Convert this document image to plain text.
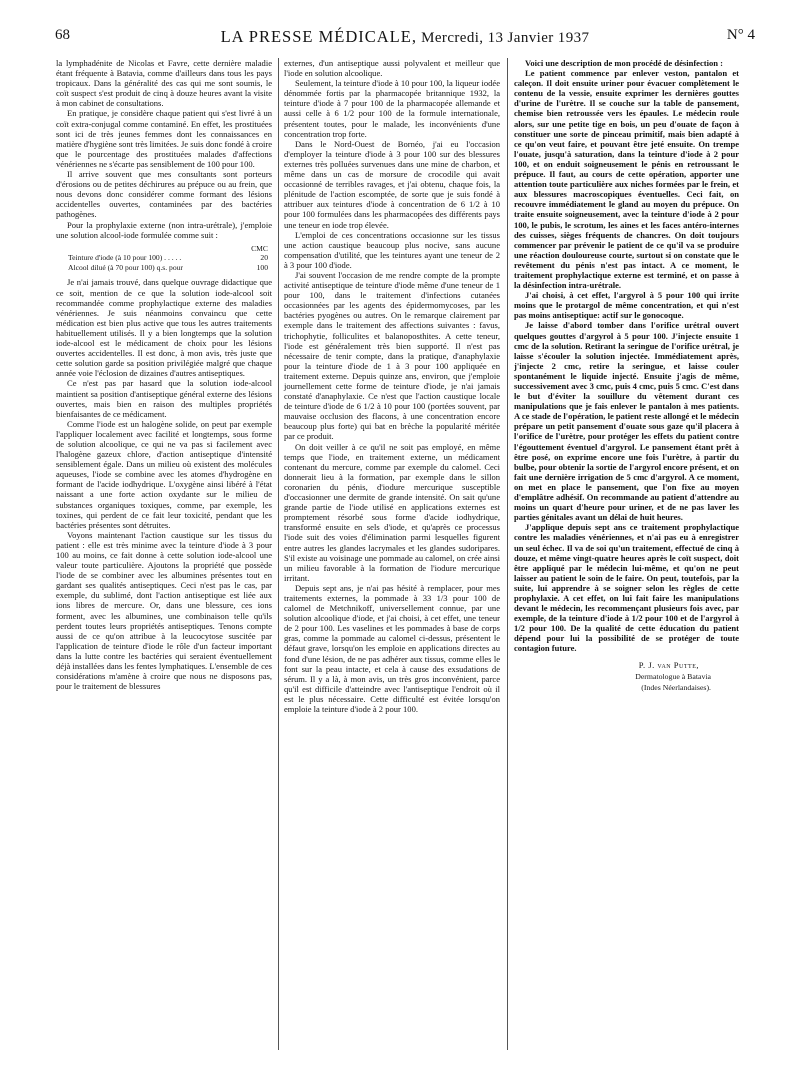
68	LA PRESSE MÉDICALE, Mercredi, 13 Janvier 1937	N° 4

la lymphadénite de Nicolas et Favre, cette dernière maladie étant fréquente à Batavia, comme d'ailleurs dans tous les pays tropicaux. Dans la généralité des cas qui me sont soumis, le coït suspect s'est produit de cinq à douze heures avant la visite à mon cabinet de consultations.

En pratique, je considère chaque patient qui s'est livré à un coït extra-conjugal comme contaminé. En effet, les prostituées sont ici de très jeunes femmes dont les connaissances en matière d'hygiène sont très limitées. Je suis donc fondé à croire que le pourcentage des prostituées malades d'affections vénériennes ne s'écarte pas sensiblement de 100 pour 100.

Il arrive souvent que mes consultants sont porteurs d'érosions ou de petites déchirures au prépuce ou au frein, que nous devons donc considérer comme formant des lésions accidentelles ouvertes, contaminées par des bactéries pathogènes.

Pour la prophylaxie externe (non intra-urétrale), j'emploie une solution alcool-iode formulée comme suit :

CMC
Teinture d'iode (à 10 pour 100) . . . . .	20
Alcool dilué (à 70 pour 100) q.s. pour	100

Je n'ai jamais trouvé, dans quelque ouvrage didactique que ce soit, mention de ce que la solution iode-alcool soit recommandée comme prophylactique externe des maladies vénériennes. Je suis néanmoins convaincu que cette médication est bien plus active que tous les autres traitements habituellement utilisés. Il y a bien longtemps que la solution iode-alcool est le médicament de choix pour les lésions ouvertes accidentelles. Il est donc, à mon avis, très juste que cette solution garde sa position privilégiée malgré que chaque année voie l'éclosion de dizaines d'autres antiseptiques.

Ce n'est pas par hasard que la solution iode-alcool maintient sa position d'antiseptique général externe des lésions ouvertes, mais bien en raison des multiples propriétés bienfaisantes de ce médicament.

Comme l'iode est un halogène solide, on peut par exemple l'appliquer localement avec facilité et longtemps, sous forme de solution alcoolique, ce qui ne va pas si facilement avec l'halogène gazeux chlore, d'action antiseptique d'intensité sensiblement égale. Dans un milieu où existent des molécules aqueuses, l'iode se combine avec les atomes d'hydrogène en formant de l'acide iodhydrique. L'oxygène ainsi libéré à l'état naissant a une forte action oxydante sur le milieu de substances organiques toxiques, comme, par exemple, les toxines, qui perdent de ce fait leur toxicité, pendant que les bactéries présentes sont détruites.

Voyons maintenant l'action caustique sur les tissus du patient : elle est très minime avec la teinture d'iode à 3 pour 100 au moins, ce fait donne à cette solution iode-alcool une valeur toute particulière. Ajoutons la propriété que possède l'iode de se combiner avec les albumines présentes tout en gardant ses qualités antiseptiques. Ceci n'est pas le cas, par exemple, du sublimé, dont l'action antiseptique est liée aux ions libres de mercure. Or, dans une blessure, ces ions forment, avec les albumines, une combinaison telle qu'ils perdent toutes leurs propriétés antiseptiques. Tenons compte aussi de ce qu'on attribue à la leucocytose suscitée par l'application de teinture d'iode le rôle d'un facteur important dans la lutte contre les bactéries qui seraient éventuellement déjà installées dans les fentes lymphatiques. L'ensemble de ces considérations m'amène à croire que nous ne disposons pas, pour le traitement de blessures

externes, d'un antiseptique aussi polyvalent et meilleur que l'iode en solution alcoolique.

Seulement, la teinture d'iode à 10 pour 100, la liqueur iodée dénommée fortis par la pharmacopée britannique 1932, la teinture d'iode à 7 pour 100 de la pharmacopée allemande et aussi celle à 6 1/2 pour 100 de la formule internationale, présentent toutes, pour le malade, les inconvénients d'une concentration trop forte.

Dans le Nord-Ouest de Bornéo, j'ai eu l'occasion d'employer la teinture d'iode à 3 pour 100 sur des blessures externes très polluées survenues dans une mine de charbon, et même dans un cas de morsure de crocodile qui avait occasionné de terribles ravages, et j'ai obtenu, chaque fois, la plénitude de l'action escomptée, de sorte que je suis fondé à attribuer aux teintures d'iode à concentration de 6 1/2 à 10 pour 100 formulées dans les pharmacopées des différents pays une teneur en iode trop élevée.

L'emploi de ces concentrations occasionne sur les tissus une action caustique beaucoup plus nocive, sans aucune compensation d'utilité, que les teintures ayant une teneur de 2 à 3 pour 100 d'iode.

J'ai souvent l'occasion de me rendre compte de la prompte activité antiseptique de teinture d'iode même d'une teneur de 1 pour 100, dans le traitement d'infections cutanées occasionnées par les agents des épidermomycoses, par les bactéries pyogènes ou autres. On le remarque clairement par exemple dans le traitement des affections suivantes : favus, trichophytie, folliculites et balanoposthites. A cette teneur, l'iode est généralement très bien supporté. Il n'est pas nécessaire de tenir compte, dans la pratique, d'anaphylaxie pour la teinture d'iode de 1 à 3 pour 100 appliquée en traitement externe. Depuis quinze ans, environ, que j'emploie journellement cette forme de teinture d'iode, je n'ai jamais constaté d'anaphylaxie. Ce n'est que l'action caustique locale de teinture d'iode de 6 1/2 à 10 pour 100 (portées souvent, par mauvaise occlusion des flacons, à une concentration encore beaucoup plus forte) qui bat en brèche la popularité méritée par ce produit.

On doit veiller à ce qu'il ne soit pas employé, en même temps que l'iode, en traitement externe, un médicament contenant du mercure, comme par exemple du calomel. Ceci donnerait lieu à la formation, par exemple dans le sillon coronarien du pénis, d'iodure mercurique susceptible d'occasionner une dermite de grande intensité. On sait qu'une grande partie de l'iode utilisé en applications externes est promptement résorbé sous forme d'acide iodhydrique, transformé ensuite en sels d'iode, et qu'après ce processus l'iode suit des voies d'élimination parmi lesquelles figurent entre autres les glandes lacrymales et les glandes sudoripares. S'il existe au voisinage une pommade au calomel, on crée ainsi un milieu favorable à la formation de l'iodure mercurique irritant.

Depuis sept ans, je n'ai pas hésité à remplacer, pour mes traitements externes, la pommade à 33 1/3 pour 100 de calomel de Metchnikoff, universellement connue, par une solution alcoolique d'iode, et j'ai choisi, à cet effet, une teneur de 2 pour 100. Les vaselines et les pommades à base de corps gras, comme la pommade au calomel ci-dessus, présentent le défaut grave, lorsqu'on les emploie en applications directes au fond d'une lésion, de ne pas adhérer aux tissus, comme elles le font sur la peau intacte, et cela à cause des exsudations de sérum. Il y a là, à mon avis, un très gros inconvénient, parce qu'il est difficile d'atteindre avec l'antiseptique l'endroit où il est le plus nécessaire. Cette difficulté est évitée lorsqu'on emploie la teinture d'iode à 2 pour 100.

Voici une description de mon procédé de désinfection :

Le patient commence par enlever veston, pantalon et caleçon. Il doit ensuite uriner pour évacuer complètement le contenu de la vessie, ensuite exprimer les dernières gouttes d'urine de l'urètre. Il se couche sur la table de pansement, chemise bien retroussée vers les épaules. Le médecin roule alors, sur une petite tige en bois, un peu d'ouate de façon à constituer une sorte de pinceau primitif, mais bien adapté à ce qu'on veut faire, et pouvant être jeté ensuite. On trempe l'ouate, jusqu'à saturation, dans la teinture d'iode à 2 pour 100, et on enduit soigneusement le pénis en retroussant le prépuce. Il faut, au cours de cette opération, apporter une attention toute particulière aux niches formées par le frein, et aux blessures macroscopiques éventuelles. Ceci fait, on recouvre immédiatement le gland au moyen du prépuce. On traite ensuite soigneusement, avec la teinture d'iode à 2 pour 100, le pubis, le scrotum, les aines et les faces antéro-internes des cuisses, sièges fréquents de chancres. On doit toujours commencer par prévenir le patient de ce qu'il va se produire une réaction douloureuse courte, surtout si on constate que le revêtement du pénis n'est pas intact. A ce moment, le traitement prophylactique externe est terminé, et on passe à la désinfection intra-urétrale.

J'ai choisi, à cet effet, l'argyrol à 5 pour 100 qui irrite moins que le protargol de même concentration, et qui n'est pas moins antiseptique: actif sur le gonocoque.

Je laisse d'abord tomber dans l'orifice urétral ouvert quelques gouttes d'argyrol à 5 pour 100. J'injecte ensuite 1 cmc de la solution. Retirant la seringue de l'orifice urétral, je laisse s'écouler la solution injectée. Immédiatement après, j'injecte 2 cmc, retire la seringue, et laisse couler spontanément le liquide injecté. Ensuite j'agis de même, successivement avec 3 cmc, puis 4 cmc, puis 5 cmc. C'est dans le but d'éviter la souillure du vêtement durant ces manipulations que je fais enlever le pantalon à mes patients. A ce stade de l'opération, le patient reste allongé et le médecin prépare un petit pansement d'ouate sous gaze qu'il placera à l'orifice de l'urètre, pour protéger les effets du patient contre l'égouttement éventuel d'argyrol. Le pansement étant prêt à être posé, on exprime encore une fois l'urètre, à partir du bulbe, pour obtenir la sortie de l'argyrol encore présent, et on fait une dernière irrigation de 5 cmc d'argyrol. A ce moment, on met en place le pansement, que l'on fixe au moyen d'emplâtre adhésif. On recommande au patient d'attendre au moins un quart d'heure pour uriner, et de ne pas laver les parties génitales avant un délai de huit heures.

J'applique depuis sept ans ce traitement prophylactique contre les maladies vénériennes, et n'ai pas eu à enregistrer un seul échec. Il va de soi qu'un traitement, effectué de cinq à douze, et même vingt-quatre heures après le coït suspect, doit être appliqué par le médecin lui-même, et qu'on ne peut laisser au patient le soin de le faire. On peut, toutefois, par la suite, lui apprendre à se soigner selon les règles de cette prophylaxie. A cet effet, on lui fait faire les manipulations devant le médecin, les recommençant plusieurs fois avec, par exemple, de la teinture d'iode à 1/2 pour 100 et de l'argyrol à 1/2 pour 100. De la qualité de cette éducation du patient dépend pour lui la possibilité de se protéger de toute contagion future.

P. J. van Putte,
Dermatologue à Batavia
(Indes Néerlandaises).
